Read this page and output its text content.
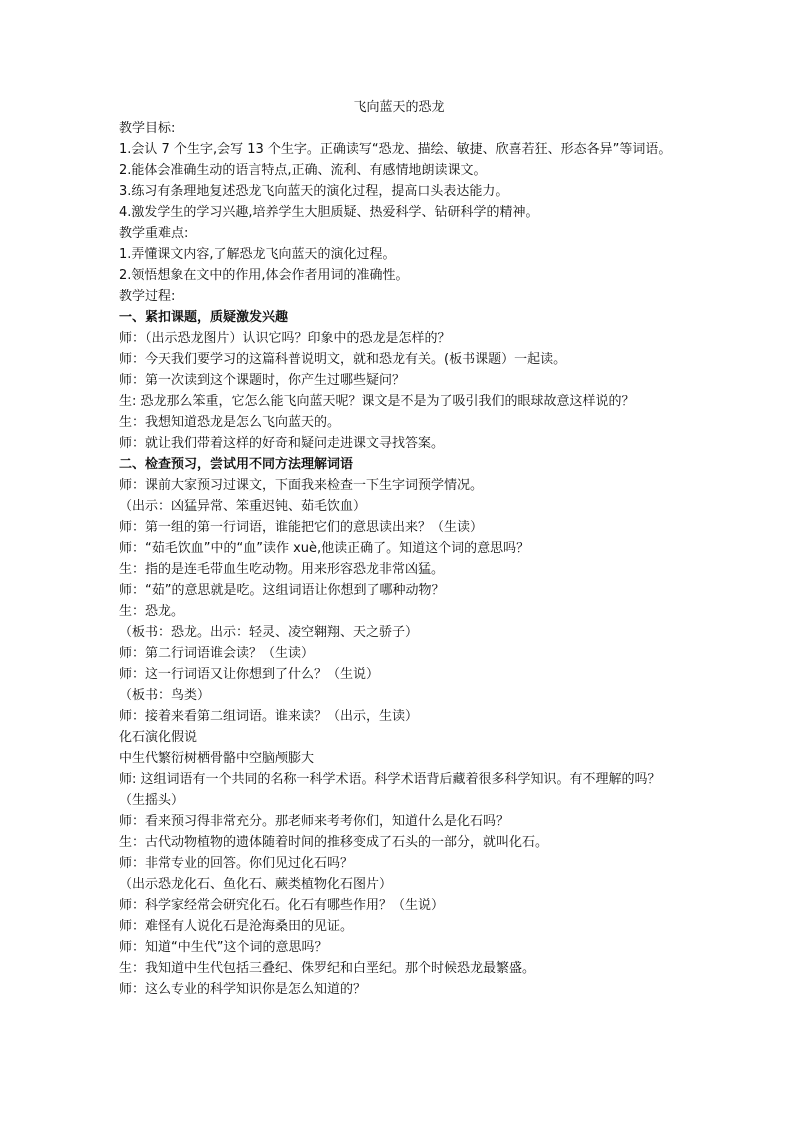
飞向蓝天的恐龙

教学目标:

1.会认 7 个生字,会写 13 个生字。正确读写“恐龙、描绘、敏捷、欣喜若狂、形态各异”等词语。

2.能体会准确生动的语言特点,正确、流利、有感情地朗读课文。

3.练习有条理地复述恐龙飞向蓝天的演化过程，提高口头表达能力。

4.激发学生的学习兴趣,培养学生大胆质疑、热爱科学、钻研科学的精神。

教学重难点:

1.弄懂课文内容,了解恐龙飞向蓝天的演化过程。

2.领悟想象在文中的作用,体会作者用词的准确性。

教学过程:

一、紧扣课题，质疑激发兴趣

师：（出示恐龙图片）认识它吗？印象中的恐龙是怎样的？

师：今天我们要学习的这篇科普说明文，就和恐龙有关。(板书课题）一起读。

师：第一次读到这个课题时，你产生过哪些疑问？

生: 恐龙那么笨重，它怎么能飞向蓝天呢？课文是不是为了吸引我们的眼球故意这样说的？

生：我想知道恐龙是怎么飞向蓝天的。

师：就让我们带着这样的好奇和疑问走进课文寻找答案。

二、检查预习，尝试用不同方法理解词语

师：课前大家预习过课文，下面我来检查一下生字词预学情况。

（出示：凶猛异常、笨重迟钝、茹毛饮血）

师：第一组的第一行词语，谁能把它们的意思读出来？（生读）

师：“茹毛饮血”中的“血”读作 xuè,他读正确了。知道这个词的意思吗？

生：指的是连毛带血生吃动物。用来形容恐龙非常凶猛。

师：“茹”的意思就是吃。这组词语让你想到了哪种动物？

生：恐龙。

（板书：恐龙。出示：轻灵、凌空翱翔、天之骄子）

师：第二行词语谁会读？（生读）

师：这一行词语又让你想到了什么？（生说）

（板书：鸟类）

师：接着来看第二组词语。谁来读？（出示，生读）

化石演化假说

中生代繁衍树栖骨骼中空脑颅膨大

师: 这组词语有一个共同的名称一科学术语。科学术语背后藏着很多科学知识。有不理解的吗？（生摇头）

师：看来预习得非常充分。那老师来考考你们，知道什么是化石吗？

生：古代动物植物的遗体随着时间的推移变成了石头的一部分，就叫化石。

师：非常专业的回答。你们见过化石吗？

（出示恐龙化石、鱼化石、蕨类植物化石图片）

师：科学家经常会研究化石。化石有哪些作用？（生说）

师：难怪有人说化石是沧海桑田的见证。

师：知道“中生代”这个词的意思吗？

生：我知道中生代包括三叠纪、侏罗纪和白垩纪。那个时候恐龙最繁盛。

师：这么专业的科学知识你是怎么知道的？
